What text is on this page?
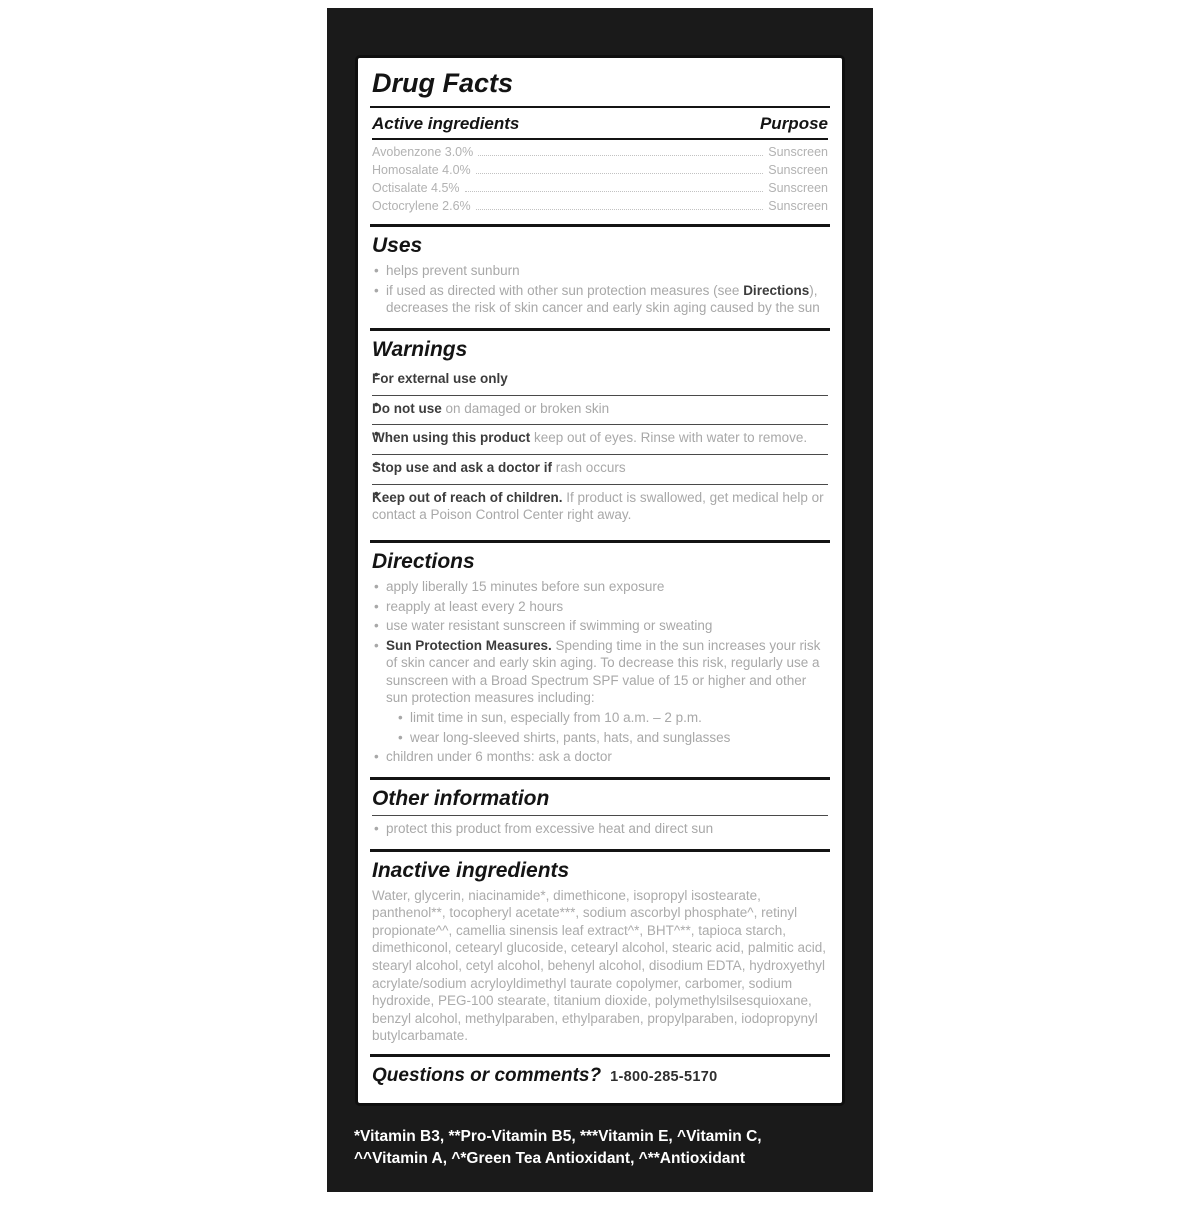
Drug Facts
Active ingredients	Purpose
Avobenzone 3.0%	Sunscreen
Homosalate 4.0%	Sunscreen
Octisalate 4.5%	Sunscreen
Octocrylene 2.6%	Sunscreen
Uses
• helps prevent sunburn
• if used as directed with other sun protection measures (see Directions), decreases the risk of skin cancer and early skin aging caused by the sun
Warnings
• For external use only
• Do not use on damaged or broken skin
• When using this product keep out of eyes. Rinse with water to remove.
• Stop use and ask a doctor if rash occurs
• Keep out of reach of children. If product is swallowed, get medical help or contact a Poison Control Center right away.
Directions
• apply liberally 15 minutes before sun exposure
• reapply at least every 2 hours
• use water resistant sunscreen if swimming or sweating
• Sun Protection Measures. Spending time in the sun increases your risk of skin cancer and early skin aging. To decrease this risk, regularly use a sunscreen with a Broad Spectrum SPF value of 15 or higher and other sun protection measures including:
• limit time in sun, especially from 10 a.m. – 2 p.m.
• wear long-sleeved shirts, pants, hats, and sunglasses
• children under 6 months: ask a doctor
Other information
• protect this product from excessive heat and direct sun
Inactive ingredients
Water, glycerin, niacinamide*, dimethicone, isopropyl isostearate, panthenol**, tocopheryl acetate***, sodium ascorbyl phosphate^, retinyl propionate^^, camellia sinensis leaf extract^*, BHT^**, tapioca starch, dimethiconol, cetearyl glucoside, cetearyl alcohol, stearic acid, palmitic acid, stearyl alcohol, cetyl alcohol, behenyl alcohol, disodium EDTA, hydroxyethyl acrylate/sodium acryloyldimethyl taurate copolymer, carbomer, sodium hydroxide, PEG-100 stearate, titanium dioxide, polymethylsilsesquioxane, benzyl alcohol, methylparaben, ethylparaben, propylparaben, iodopropynyl butylcarbamate.
Questions or comments? 1-800-285-5170
*Vitamin B3, **Pro-Vitamin B5, ***Vitamin E, ^Vitamin C,
^^Vitamin A, ^*Green Tea Antioxidant, ^**Antioxidant
